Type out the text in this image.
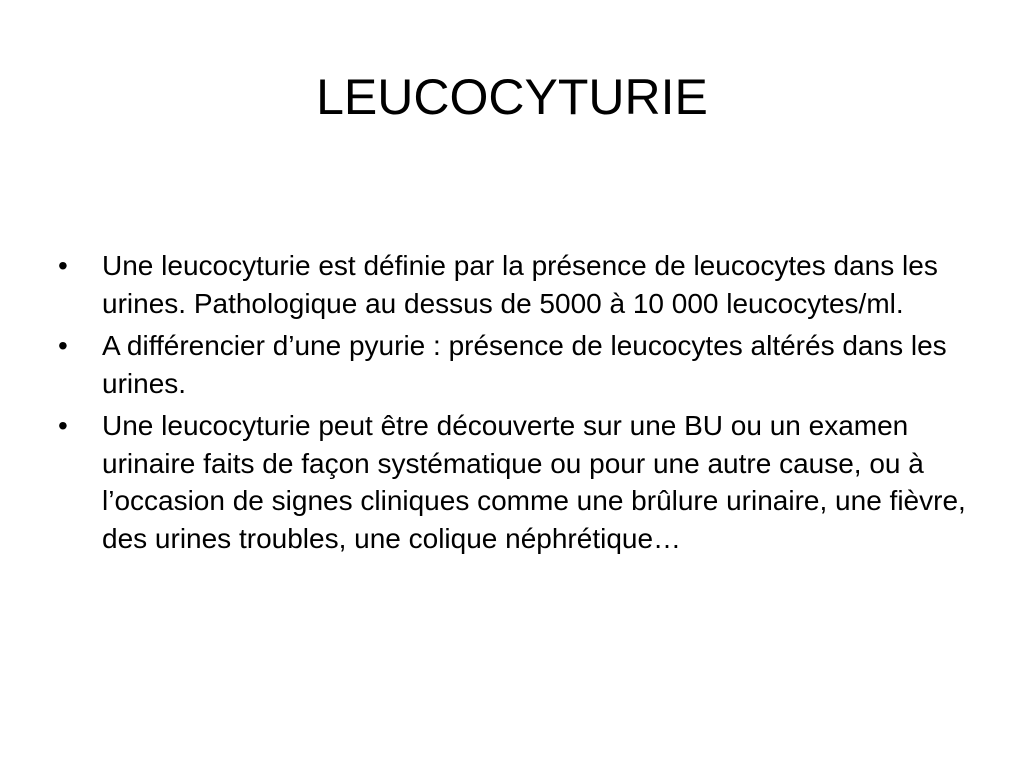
LEUCOCYTURIE
•	Une leucocyturie est définie par la présence de leucocytes dans les urines. Pathologique au dessus de 5000 à 10 000 leucocytes/ml.
•	A différencier d’une pyurie : présence de leucocytes altérés dans les urines.
•	Une leucocyturie peut être découverte sur une BU ou un examen urinaire faits de façon systématique ou pour une autre cause, ou à l’occasion de signes cliniques comme une brûlure urinaire, une fièvre, des urines troubles, une colique néphrétique…
